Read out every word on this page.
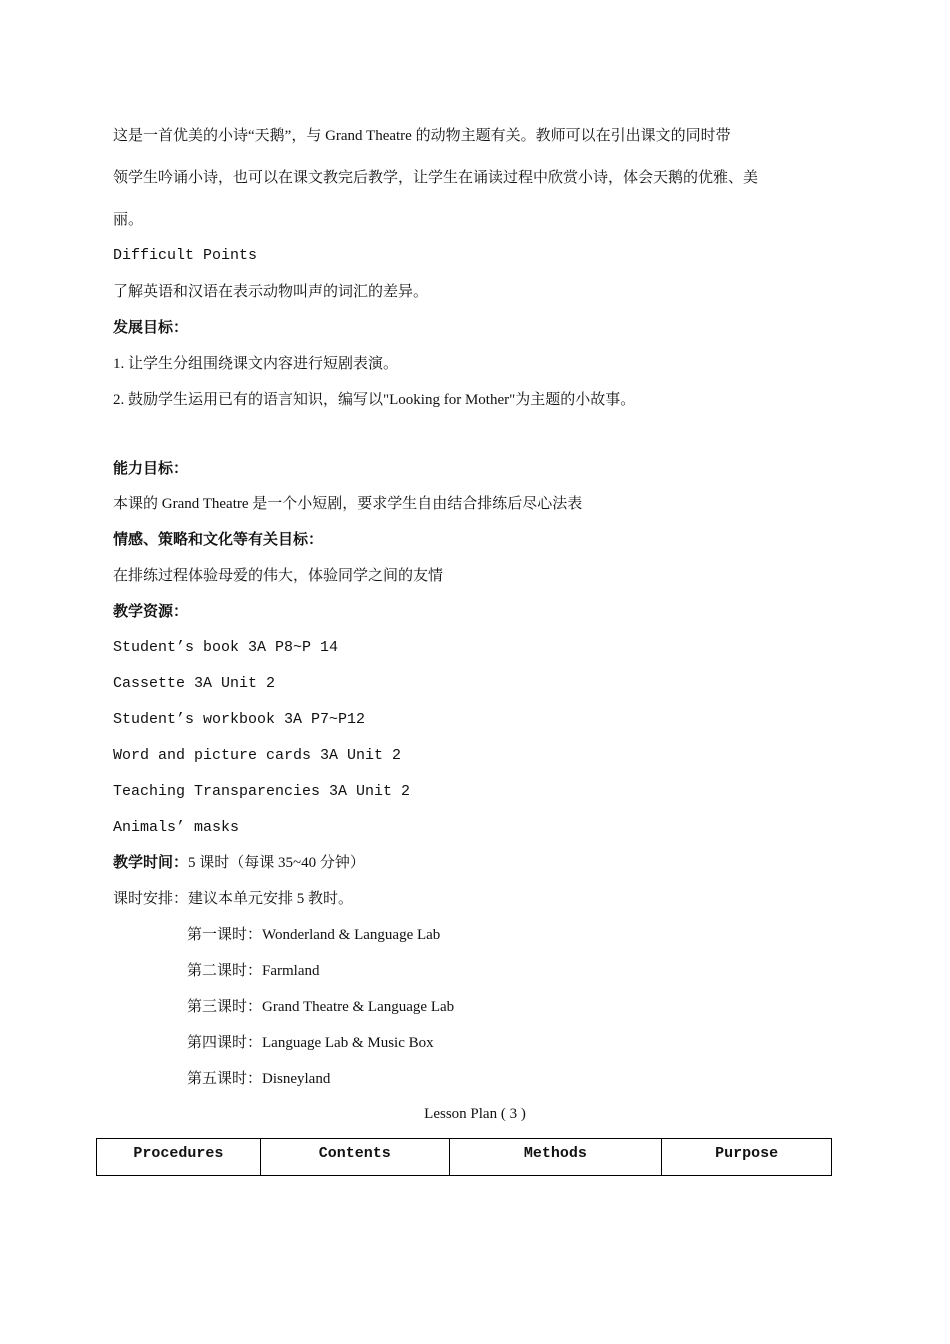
这是一首优美的小诗“天鹅”，与 Grand Theatre 的动物主题有关。教师可以在引出课文的同时带
领学生吟诵小诗，也可以在课文教完后教学，让学生在诵读过程中欣赏小诗，体会天鹅的优雅、美
丽。
Difficult Points
了解英语和汉语在表示动物叫声的词汇的差异。
发展目标：
1. 让学生分组围绕课文内容进行短剧表演。
2. 鼓励学生运用已有的语言知识，编写以"Looking for Mother"为主题的小故事。
能力目标：
本课的 Grand Theatre 是一个小短剧，要求学生自由结合排练后尽心法表
情感、策略和文化等有关目标：
在排练过程体验母爱的伟大，体验同学之间的友情
教学资源：
Student’s book 3A P8~P 14
Cassette 3A Unit 2
Student’s workbook 3A P7~P12
Word and picture cards 3A Unit 2
Teaching Transparencies 3A Unit 2
Animals’ masks
教学时间：5 课时（每课 35~40 分钟）
课时安排：建议本单元安排 5 教时。
第一课时：Wonderland & Language Lab
第二课时：Farmland
第三课时：Grand Theatre & Language Lab
第四课时：Language Lab & Music Box
第五课时：Disneyland
Lesson Plan ( 3 )
Procedures	Contents	Methods	Purpose
